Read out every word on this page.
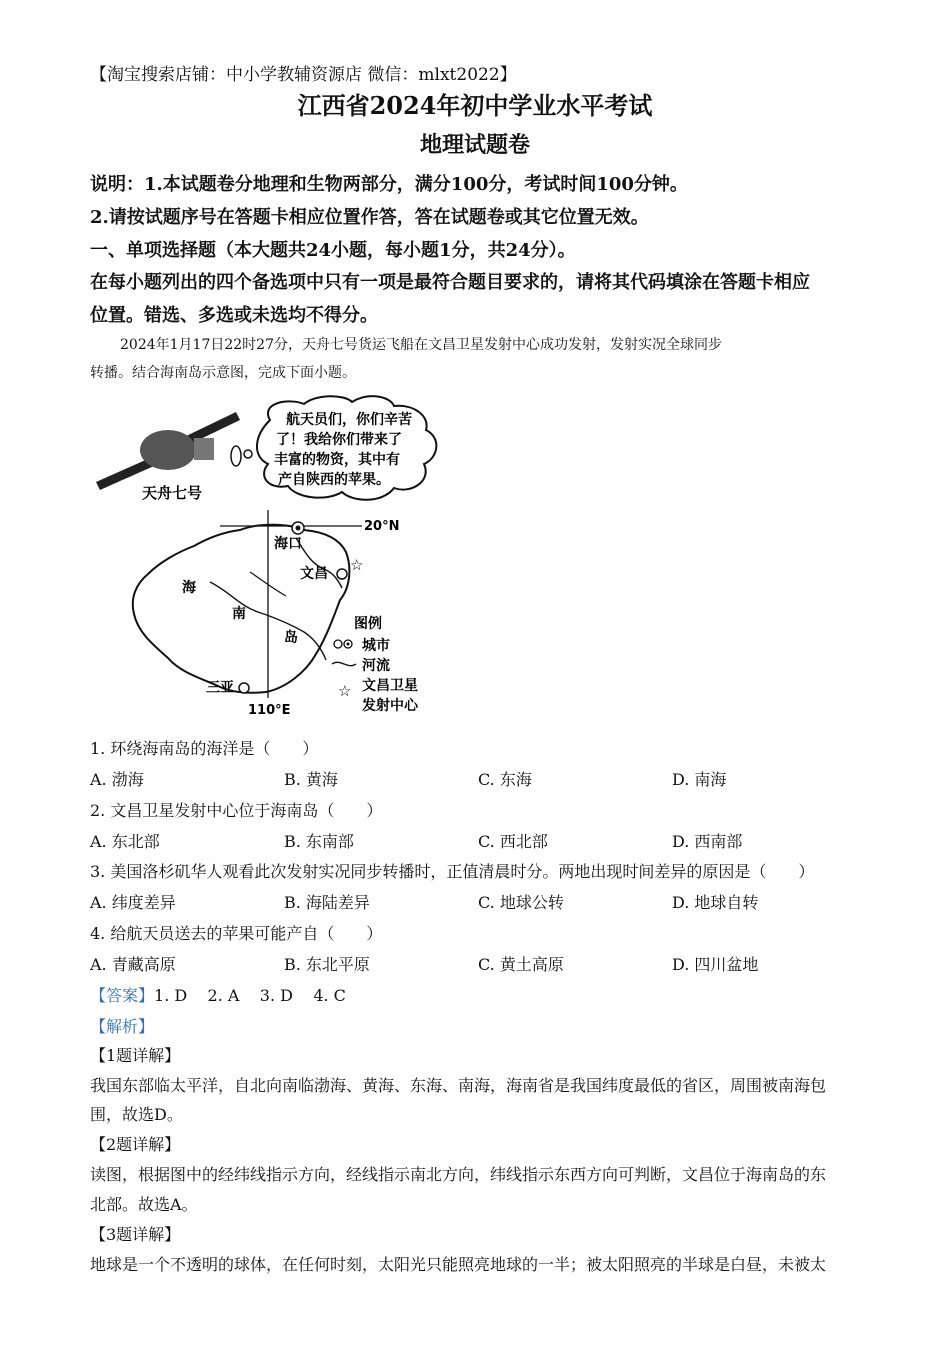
【淘宝搜索店铺：中小学教辅资源店 微信：mlxt2022】
江西省2024年初中学业水平考试
地理试题卷
说明：1.本试题卷分地理和生物两部分，满分100分，考试时间100分钟。
2.请按试题序号在答题卡相应位置作答，答在试题卷或其它位置无效。
一、单项选择题（本大题共24小题，每小题1分，共24分）。
在每小题列出的四个备选项中只有一项是最符合题目要求的，请将其代码填涂在答题卡相应
位置。错选、多选或未选均不得分。
2024年1月17日22时27分，天舟七号货运飞船在文昌卫星发射中心成功发射，发射实况全球同步
转播。结合海南岛示意图，完成下面小题。
天舟七号
航天员们，你们辛苦
了！我给你们带来了
丰富的物资，其中有
产自陕西的苹果。
20°N
110°E
海口
文昌 ☆
三亚
海
南
岛
图例
城市
河流
☆ 文昌卫星
发射中心
1. 环绕海南岛的海洋是（　　）
A. 渤海	B. 黄海	C. 东海	D. 南海
2. 文昌卫星发射中心位于海南岛（　　）
A. 东北部	B. 东南部	C. 西北部	D. 西南部
3. 美国洛杉矶华人观看此次发射实况同步转播时，正值清晨时分。两地出现时间差异的原因是（　　）
A. 纬度差异	B. 海陆差异	C. 地球公转	D. 地球自转
4. 给航天员送去的苹果可能产自（　　）
A. 青藏高原	B. 东北平原	C. 黄土高原	D. 四川盆地
【答案】1. D    2. A    3. D    4. C
【解析】
【1题详解】
我国东部临太平洋，自北向南临渤海、黄海、东海、南海，海南省是我国纬度最低的省区，周围被南海包
围，故选D。
【2题详解】
读图，根据图中的经纬线指示方向，经线指示南北方向，纬线指示东西方向可判断，文昌位于海南岛的东
北部。故选A。
【3题详解】
地球是一个不透明的球体，在任何时刻，太阳光只能照亮地球的一半；被太阳照亮的半球是白昼，未被太
